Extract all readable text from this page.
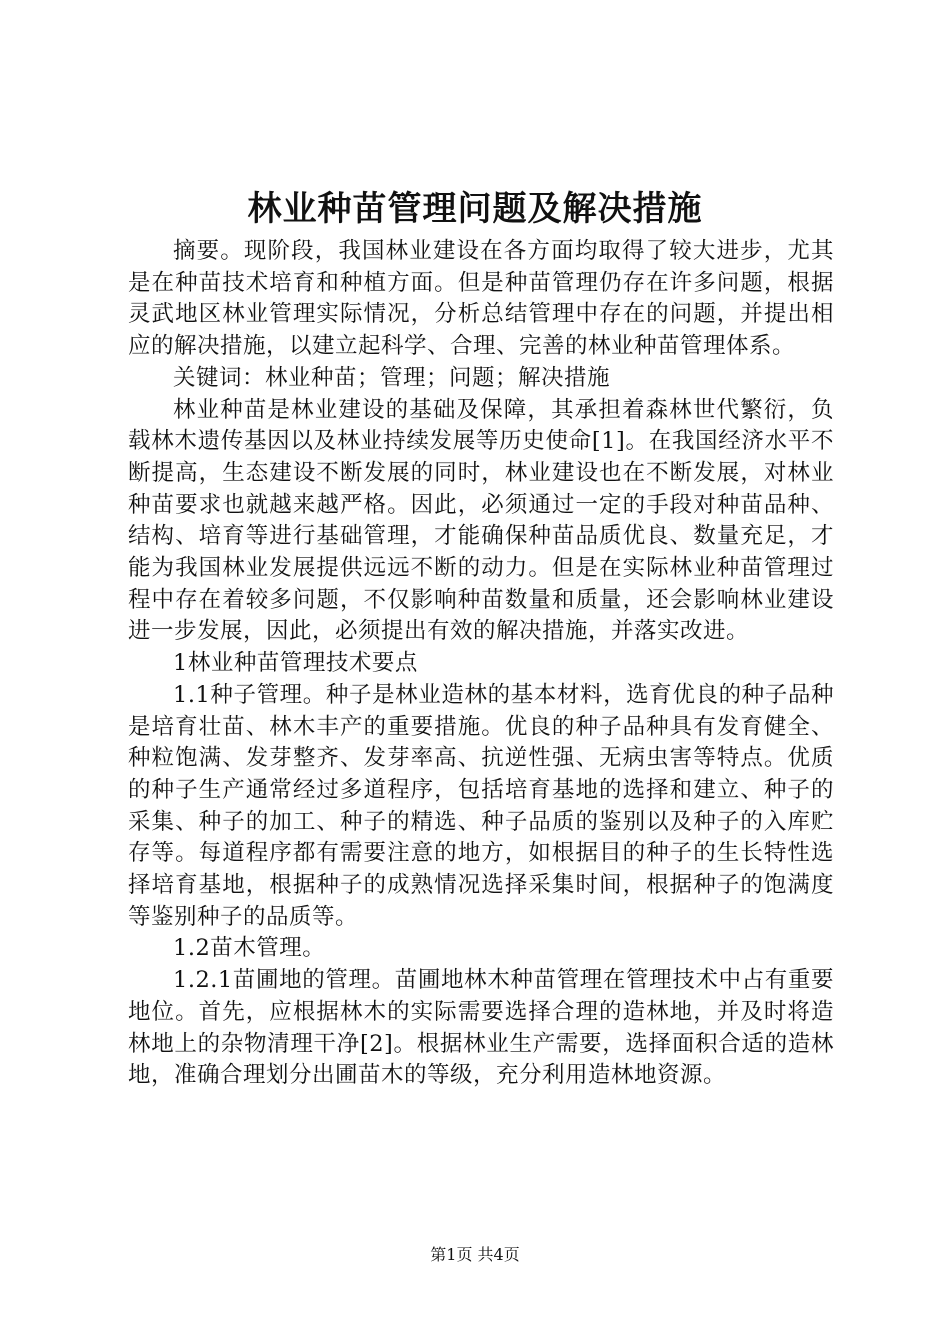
林业种苗管理问题及解决措施

摘要。现阶段，我国林业建设在各方面均取得了较大进步，尤其是在种苗技术培育和种植方面。但是种苗管理仍存在许多问题，根据灵武地区林业管理实际情况，分析总结管理中存在的问题，并提出相应的解决措施，以建立起科学、合理、完善的林业种苗管理体系。

关键词：林业种苗；管理；问题；解决措施

林业种苗是林业建设的基础及保障，其承担着森林世代繁衍，负载林木遗传基因以及林业持续发展等历史使命[1]。在我国经济水平不断提高，生态建设不断发展的同时，林业建设也在不断发展，对林业种苗要求也就越来越严格。因此，必须通过一定的手段对种苗品种、结构、培育等进行基础管理，才能确保种苗品质优良、数量充足，才能为我国林业发展提供远远不断的动力。但是在实际林业种苗管理过程中存在着较多问题，不仅影响种苗数量和质量，还会影响林业建设进一步发展，因此，必须提出有效的解决措施，并落实改进。

1林业种苗管理技术要点

1.1种子管理。种子是林业造林的基本材料，选育优良的种子品种是培育壮苗、林木丰产的重要措施。优良的种子品种具有发育健全、种粒饱满、发芽整齐、发芽率高、抗逆性强、无病虫害等特点。优质的种子生产通常经过多道程序，包括培育基地的选择和建立、种子的采集、种子的加工、种子的精选、种子品质的鉴别以及种子的入库贮存等。每道程序都有需要注意的地方，如根据目的种子的生长特性选择培育基地，根据种子的成熟情况选择采集时间，根据种子的饱满度等鉴别种子的品质等。

1.2苗木管理。

1.2.1苗圃地的管理。苗圃地林木种苗管理在管理技术中占有重要地位。首先，应根据林木的实际需要选择合理的造林地，并及时将造林地上的杂物清理干净[2]。根据林业生产需要，选择面积合适的造林地，准确合理划分出圃苗木的等级，充分利用造林地资源。

第1页 共4页
